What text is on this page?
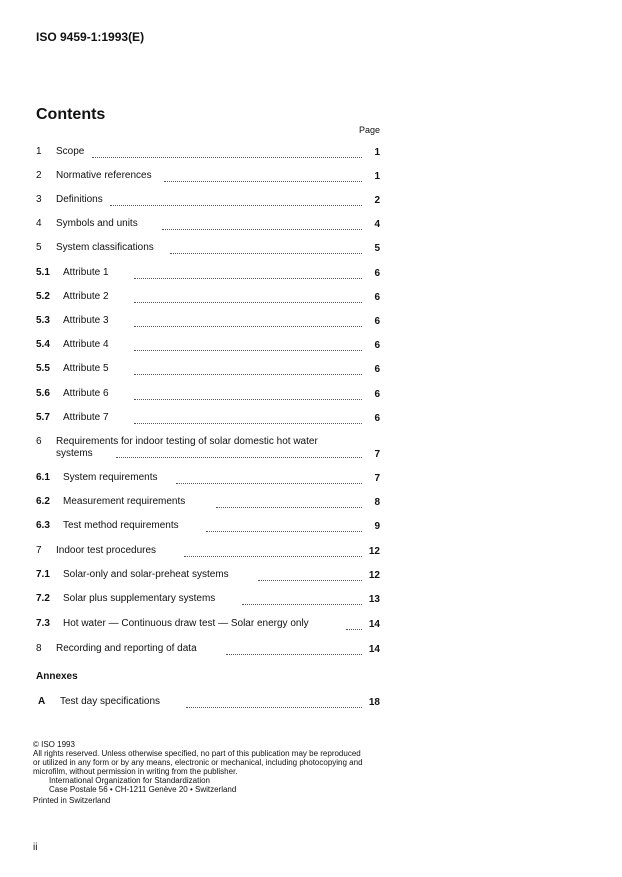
ISO 9459-1:1993(E)
Contents
Page
1 Scope	1
2 Normative references	1
3 Definitions	2
4 Symbols and units	4
5 System classifications	5
5.1 Attribute 1	6
5.2 Attribute 2	6
5.3 Attribute 3	6
5.4 Attribute 4	6
5.5 Attribute 5	6
5.6 Attribute 6	6
5.7 Attribute 7	6
6 Requirements for indoor testing of solar domestic hot water
systems	7
6.1 System requirements	7
6.2 Measurement requirements	8
6.3 Test method requirements	9
7 Indoor test procedures	12
7.1 Solar-only and solar-preheat systems	12
7.2 Solar plus supplementary systems	13
7.3 Hot water — Continuous draw test — Solar energy only	14
8 Recording and reporting of data	14
Annexes
A Test day specifications	18
© ISO 1993
All rights reserved. Unless otherwise specified, no part of this publication may be reproduced
or utilized in any form or by any means, electronic or mechanical, including photocopying and
microfilm, without permission in writing from the publisher.
International Organization for Standardization
Case Postale 56 • CH-1211 Genève 20 • Switzerland
Printed in Switzerland
ii
